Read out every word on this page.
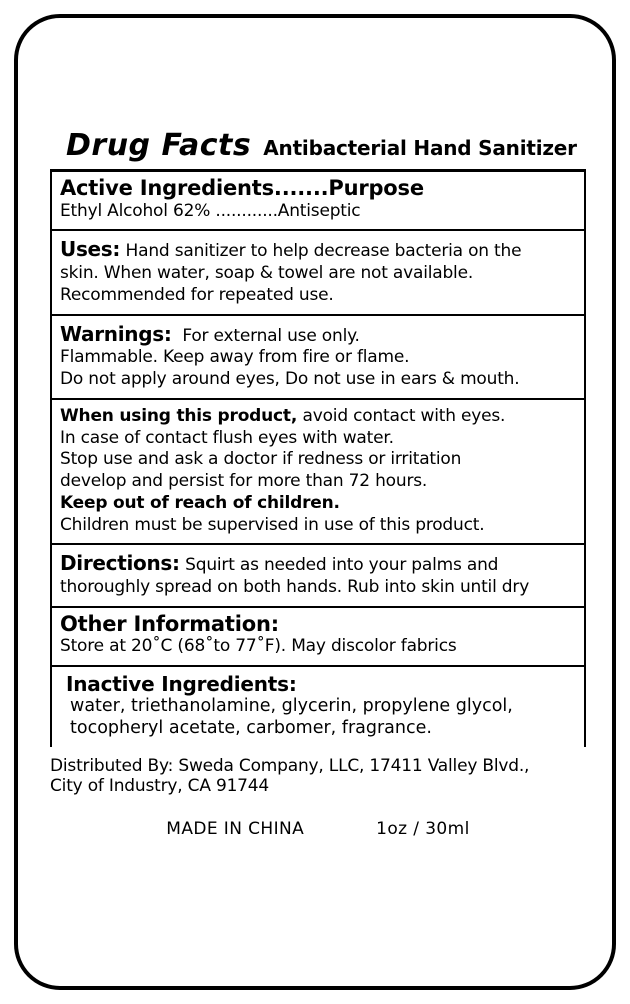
Drug Facts Antibacterial Hand Sanitizer
Active Ingredients.......Purpose
Ethyl Alcohol 62% ............Antiseptic
Uses: Hand sanitizer to help decrease bacteria on the
skin. When water, soap & towel are not available.
Recommended for repeated use.
Warnings: For external use only.
Flammable. Keep away from fire or flame.
Do not apply around eyes, Do not use in ears & mouth.
When using this product, avoid contact with eyes.
In case of contact flush eyes with water.
Stop use and ask a doctor if redness or irritation
develop and persist for more than 72 hours.
Keep out of reach of children.
Children must be supervised in use of this product.
Directions: Squirt as needed into your palms and
thoroughly spread on both hands. Rub into skin until dry
Other Information:
Store at 20˚C (68˚to 77˚F). May discolor fabrics
Inactive Ingredients:
water, triethanolamine, glycerin, propylene glycol,
tocopheryl acetate, carbomer, fragrance.
Distributed By: Sweda Company, LLC, 17411 Valley Blvd.,
City of Industry, CA 91744
MADE IN CHINA	1oz / 30ml
